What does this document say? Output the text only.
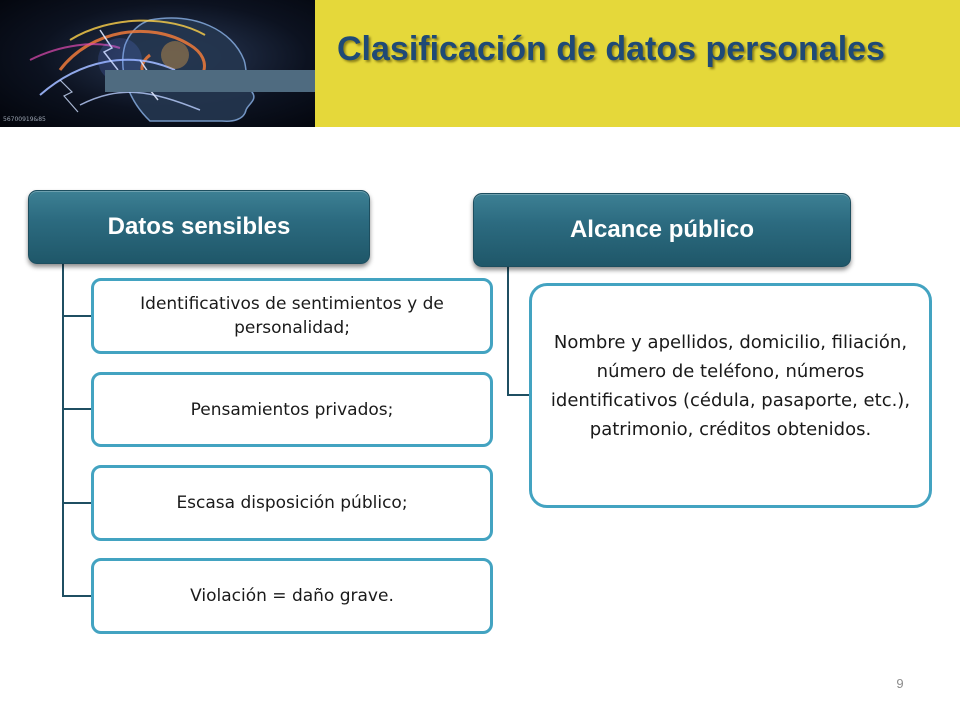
56700919&85
Clasificación de datos personales
Datos sensibles
Identificativos de sentimientos y de personalidad;
Pensamientos privados;
Escasa disposición público;
Violación = daño grave.
Alcance público
Nombre y apellidos, domicilio, filiación, número de teléfono, números identificativos (cédula, pasaporte, etc.), patrimonio, créditos obtenidos.
9
